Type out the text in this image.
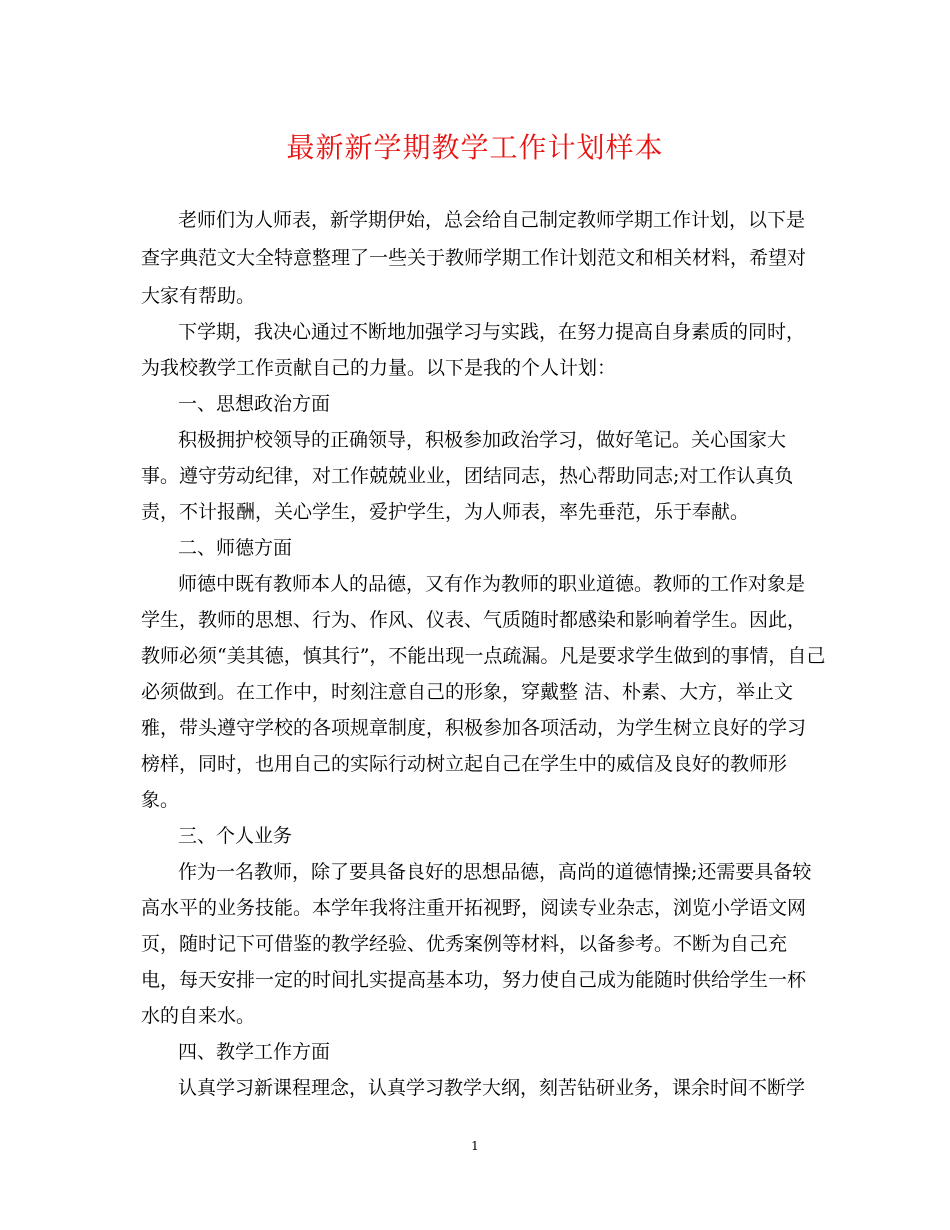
最新新学期教学工作计划样本
老师们为人师表，新学期伊始，总会给自己制定教师学期工作计划，以下是
查字典范文大全特意整理了一些关于教师学期工作计划范文和相关材料，希望对
大家有帮助。
下学期，我决心通过不断地加强学习与实践，在努力提高自身素质的同时，
为我校教学工作贡献自己的力量。以下是我的个人计划：
一、思想政治方面
积极拥护校领导的正确领导，积极参加政治学习，做好笔记。关心国家大
事。遵守劳动纪律，对工作兢兢业业，团结同志，热心帮助同志;对工作认真负
责，不计报酬，关心学生，爱护学生，为人师表，率先垂范，乐于奉献。
二、师德方面
师德中既有教师本人的品德，又有作为教师的职业道德。教师的工作对象是
学生，教师的思想、行为、作风、仪表、气质随时都感染和影响着学生。因此，
教师必须“美其德，慎其行”，不能出现一点疏漏。凡是要求学生做到的事情，自己
必须做到。在工作中，时刻注意自己的形象，穿戴整 洁、朴素、大方，举止文
雅，带头遵守学校的各项规章制度，积极参加各项活动，为学生树立良好的学习
榜样，同时，也用自己的实际行动树立起自己在学生中的威信及良好的教师形
象。
三、个人业务
作为一名教师，除了要具备良好的思想品德，高尚的道德情操;还需要具备较
高水平的业务技能。本学年我将注重开拓视野，阅读专业杂志，浏览小学语文网
页，随时记下可借鉴的教学经验、优秀案例等材料，以备参考。不断为自己充
电，每天安排一定的时间扎实提高基本功，努力使自己成为能随时供给学生一杯
水的自来水。
四、教学工作方面
认真学习新课程理念，认真学习教学大纲，刻苦钻研业务，课余时间不断学
1
